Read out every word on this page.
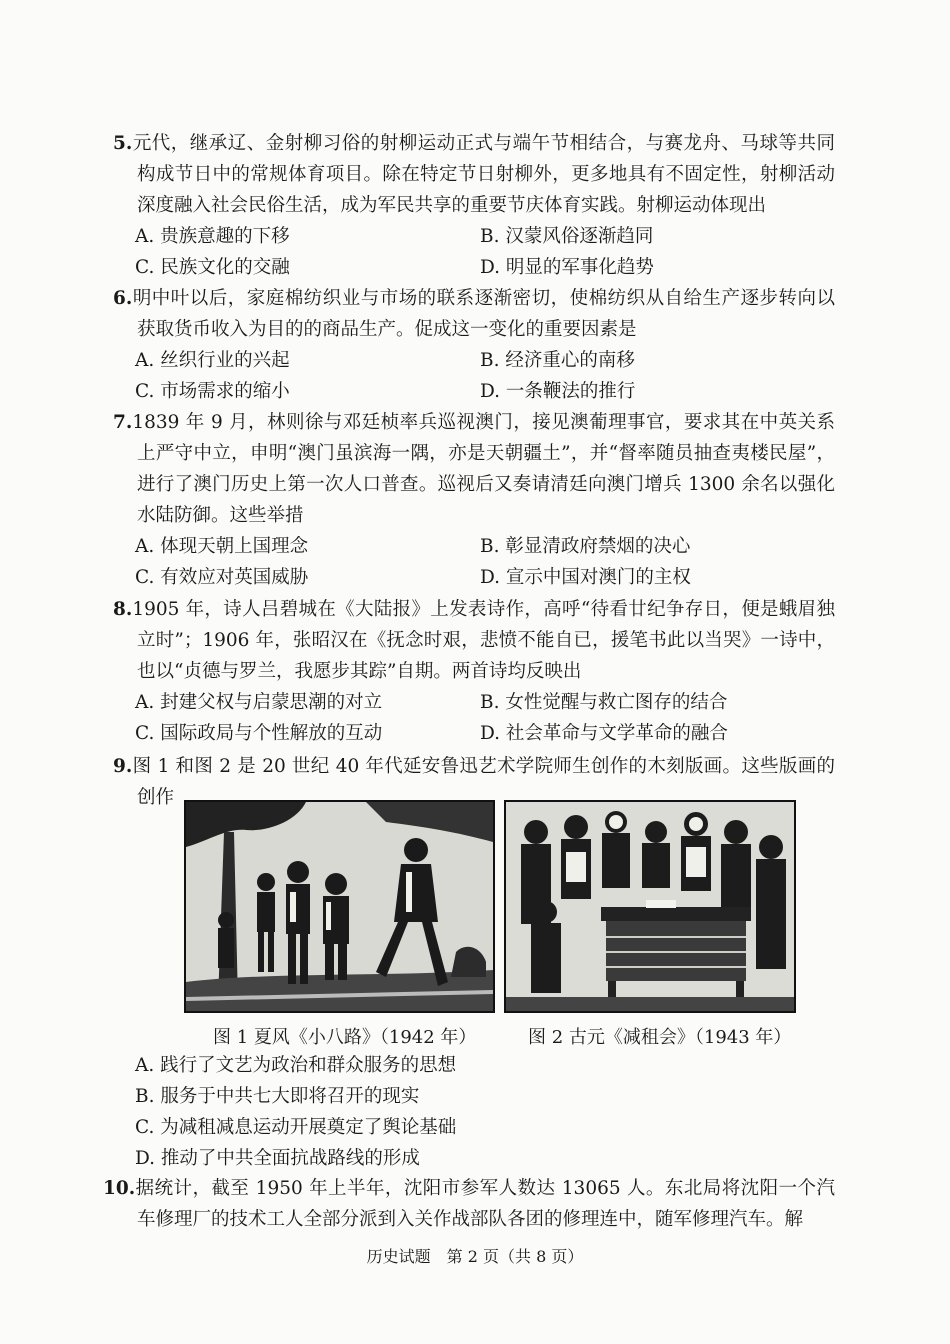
5.元代，继承辽、金射柳习俗的射柳运动正式与端午节相结合，与赛龙舟、马球等共同构成节日中的常规体育项目。除在特定节日射柳外，更多地具有不固定性，射柳活动深度融入社会民俗生活，成为军民共享的重要节庆体育实践。射柳运动体现出

A. 贵族意趣的下移	B. 汉蒙风俗逐渐趋同
C. 民族文化的交融	D. 明显的军事化趋势

6.明中叶以后，家庭棉纺织业与市场的联系逐渐密切，使棉纺织从自给生产逐步转向以获取货币收入为目的的商品生产。促成这一变化的重要因素是

A. 丝织行业的兴起	B. 经济重心的南移
C. 市场需求的缩小	D. 一条鞭法的推行

7.1839 年 9 月，林则徐与邓廷桢率兵巡视澳门，接见澳葡理事官，要求其在中英关系上严守中立，申明“澳门虽滨海一隅，亦是天朝疆土”，并“督率随员抽查夷楼民屋”，进行了澳门历史上第一次人口普查。巡视后又奏请清廷向澳门增兵 1300 余名以强化水陆防御。这些举措

A. 体现天朝上国理念	B. 彰显清政府禁烟的决心
C. 有效应对英国威胁	D. 宣示中国对澳门的主权

8.1905 年，诗人吕碧城在《大陆报》上发表诗作，高呼“待看廿纪争存日，便是蛾眉独立时”；1906 年，张昭汉在《抚念时艰，悲愤不能自已，援笔书此以当哭》一诗中，也以“贞德与罗兰，我愿步其踪”自期。两首诗均反映出

A. 封建父权与启蒙思潮的对立	B. 女性觉醒与救亡图存的结合
C. 国际政局与个性解放的互动	D. 社会革命与文学革命的融合

9.图 1 和图 2 是 20 世纪 40 年代延安鲁迅艺术学院师生创作的木刻版画。这些版画的创作

图 1 夏风《小八路》（1942 年）	图 2 古元《减租会》（1943 年）
A. 践行了文艺为政治和群众服务的思想
B. 服务于中共七大即将召开的现实
C. 为减租减息运动开展奠定了舆论基础
D. 推动了中共全面抗战路线的形成

10.据统计，截至 1950 年上半年，沈阳市参军人数达 13065 人。东北局将沈阳一个汽车修理厂的技术工人全部分派到入关作战部队各团的修理连中，随军修理汽车。解

历史试题　第 2 页（共 8 页）
